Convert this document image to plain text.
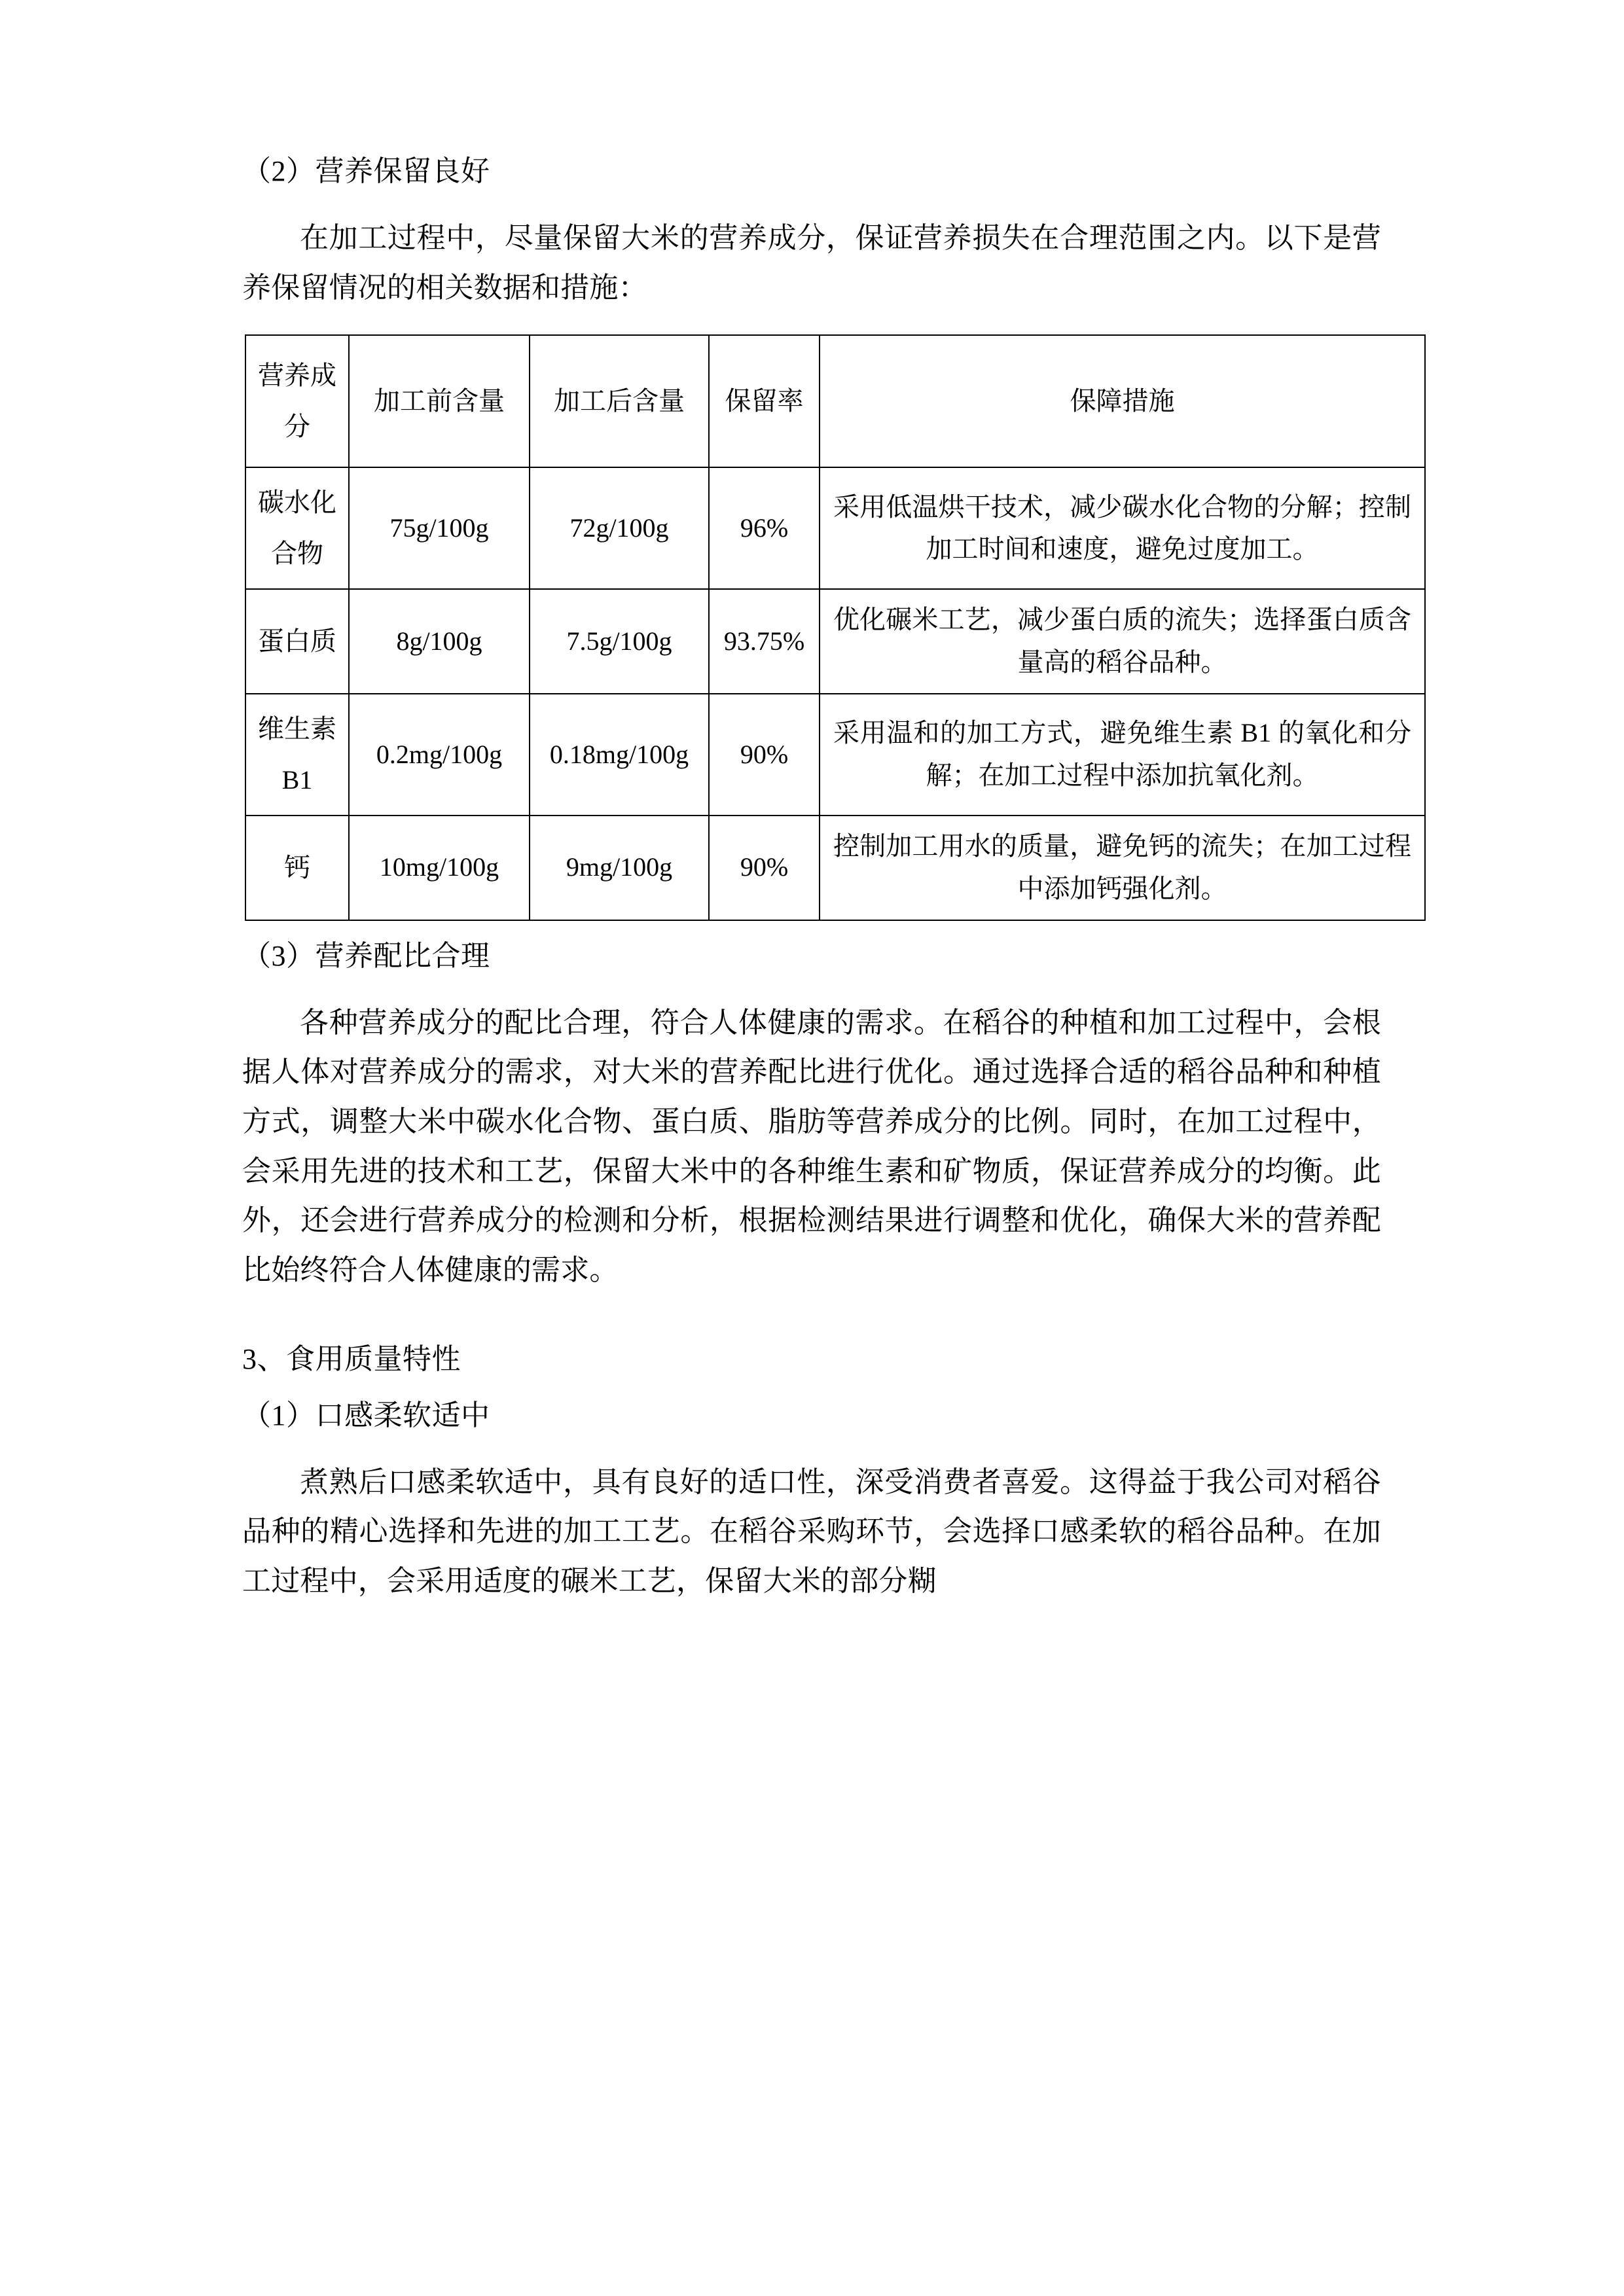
（2）营养保留良好
在加工过程中，尽量保留大米的营养成分，保证营养损失在合理范围之内。以下是营养保留情况的相关数据和措施：
营养成分	加工前含量	加工后含量	保留率	保障措施
碳水化合物	75g/100g	72g/100g	96%	采用低温烘干技术，减少碳水化合物的分解；控制加工时间和速度，避免过度加工。

蛋白质	8g/100g	7.5g/100g	93.75%	优化碾米工艺，减少蛋白质的流失；选择蛋白质含量高的稻谷品种。

维生素 B1	0.2mg/100g	0.18mg/100g	90%	采用温和的加工方式，避免维生素 B1 的氧化和分解；在加工过程中添加抗氧化剂。

钙	10mg/100g	9mg/100g	90%	控制加工用水的质量，避免钙的流失；在加工过程中添加钙强化剂。
（3）营养配比合理
各种营养成分的配比合理，符合人体健康的需求。在稻谷的种植和加工过程中，会根据人体对营养成分的需求，对大米的营养配比进行优化。通过选择合适的稻谷品种和种植方式，调整大米中碳水化合物、蛋白质、脂肪等营养成分的比例。同时，在加工过程中，会采用先进的技术和工艺，保留大米中的各种维生素和矿物质，保证营养成分的均衡。此外，还会进行营养成分的检测和分析，根据检测结果进行调整和优化，确保大米的营养配比始终符合人体健康的需求。
3、食用质量特性
（1）口感柔软适中
煮熟后口感柔软适中，具有良好的适口性，深受消费者喜爱。这得益于我公司对稻谷品种的精心选择和先进的加工工艺。在稻谷采购环节，会选择口感柔软的稻谷品种。在加工过程中，会采用适度的碾米工艺，保留大米的部分糊
